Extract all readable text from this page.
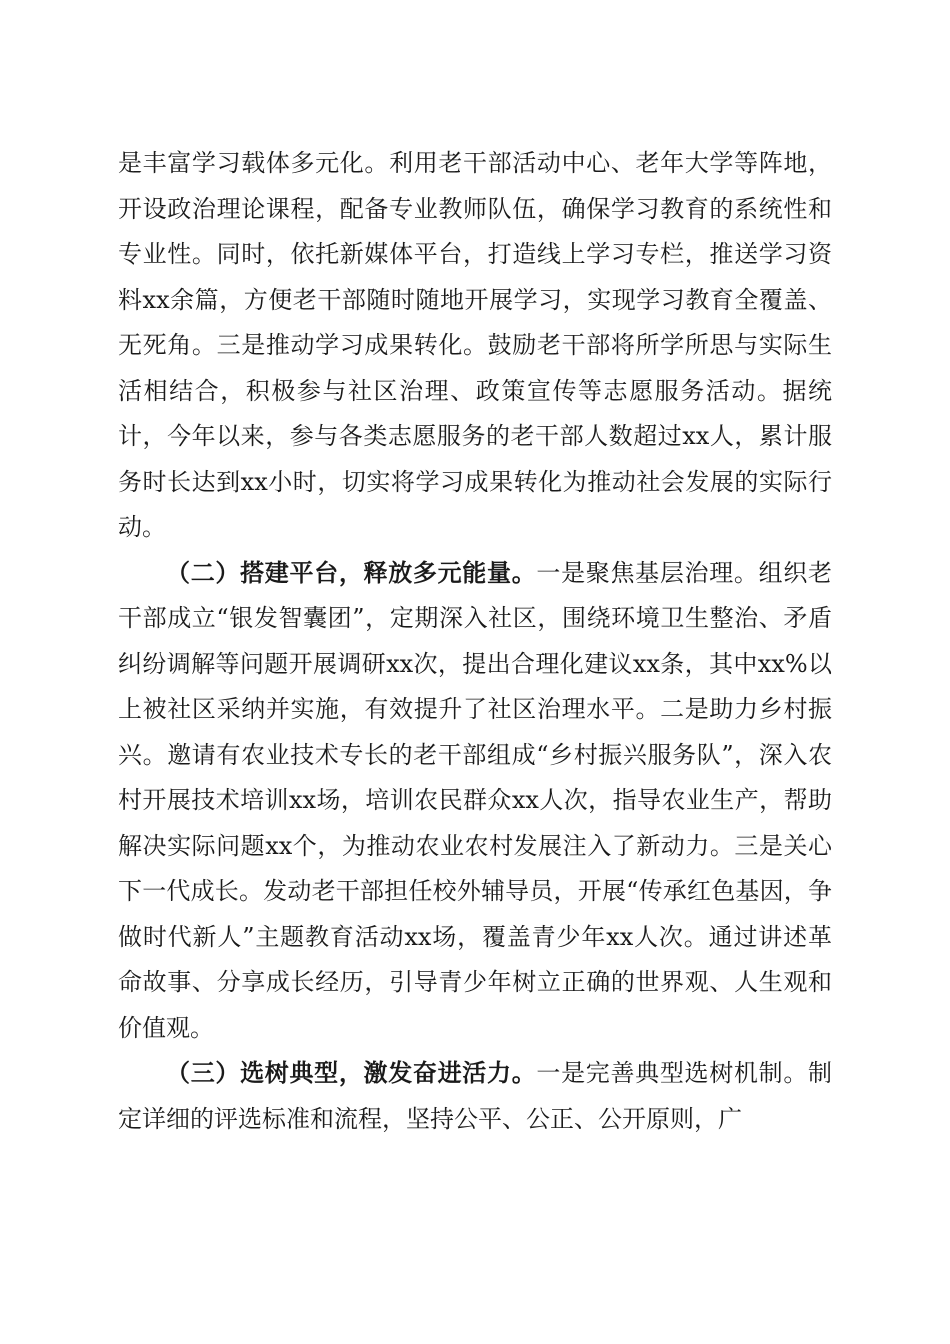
是丰富学习载体多元化。利用老干部活动中心、老年大学等阵地，开设政治理论课程，配备专业教师队伍，确保学习教育的系统性和专业性。同时，依托新媒体平台，打造线上学习专栏，推送学习资料xx余篇，方便老干部随时随地开展学习，实现学习教育全覆盖、无死角。三是推动学习成果转化。鼓励老干部将所学所思与实际生活相结合，积极参与社区治理、政策宣传等志愿服务活动。据统计，今年以来，参与各类志愿服务的老干部人数超过xx人，累计服务时长达到xx小时，切实将学习成果转化为推动社会发展的实际行动。

（二）搭建平台，释放多元能量。一是聚焦基层治理。组织老干部成立“银发智囊团”，定期深入社区，围绕环境卫生整治、矛盾纠纷调解等问题开展调研xx次，提出合理化建议xx条，其中xx%以上被社区采纳并实施，有效提升了社区治理水平。二是助力乡村振兴。邀请有农业技术专长的老干部组成“乡村振兴服务队”，深入农村开展技术培训xx场，培训农民群众xx人次，指导农业生产，帮助解决实际问题xx个，为推动农业农村发展注入了新动力。三是关心下一代成长。发动老干部担任校外辅导员，开展“传承红色基因，争做时代新人”主题教育活动xx场，覆盖青少年xx人次。通过讲述革命故事、分享成长经历，引导青少年树立正确的世界观、人生观和价值观。

（三）选树典型，激发奋进活力。一是完善典型选树机制。制定详细的评选标准和流程，坚持公平、公正、公开原则，广
